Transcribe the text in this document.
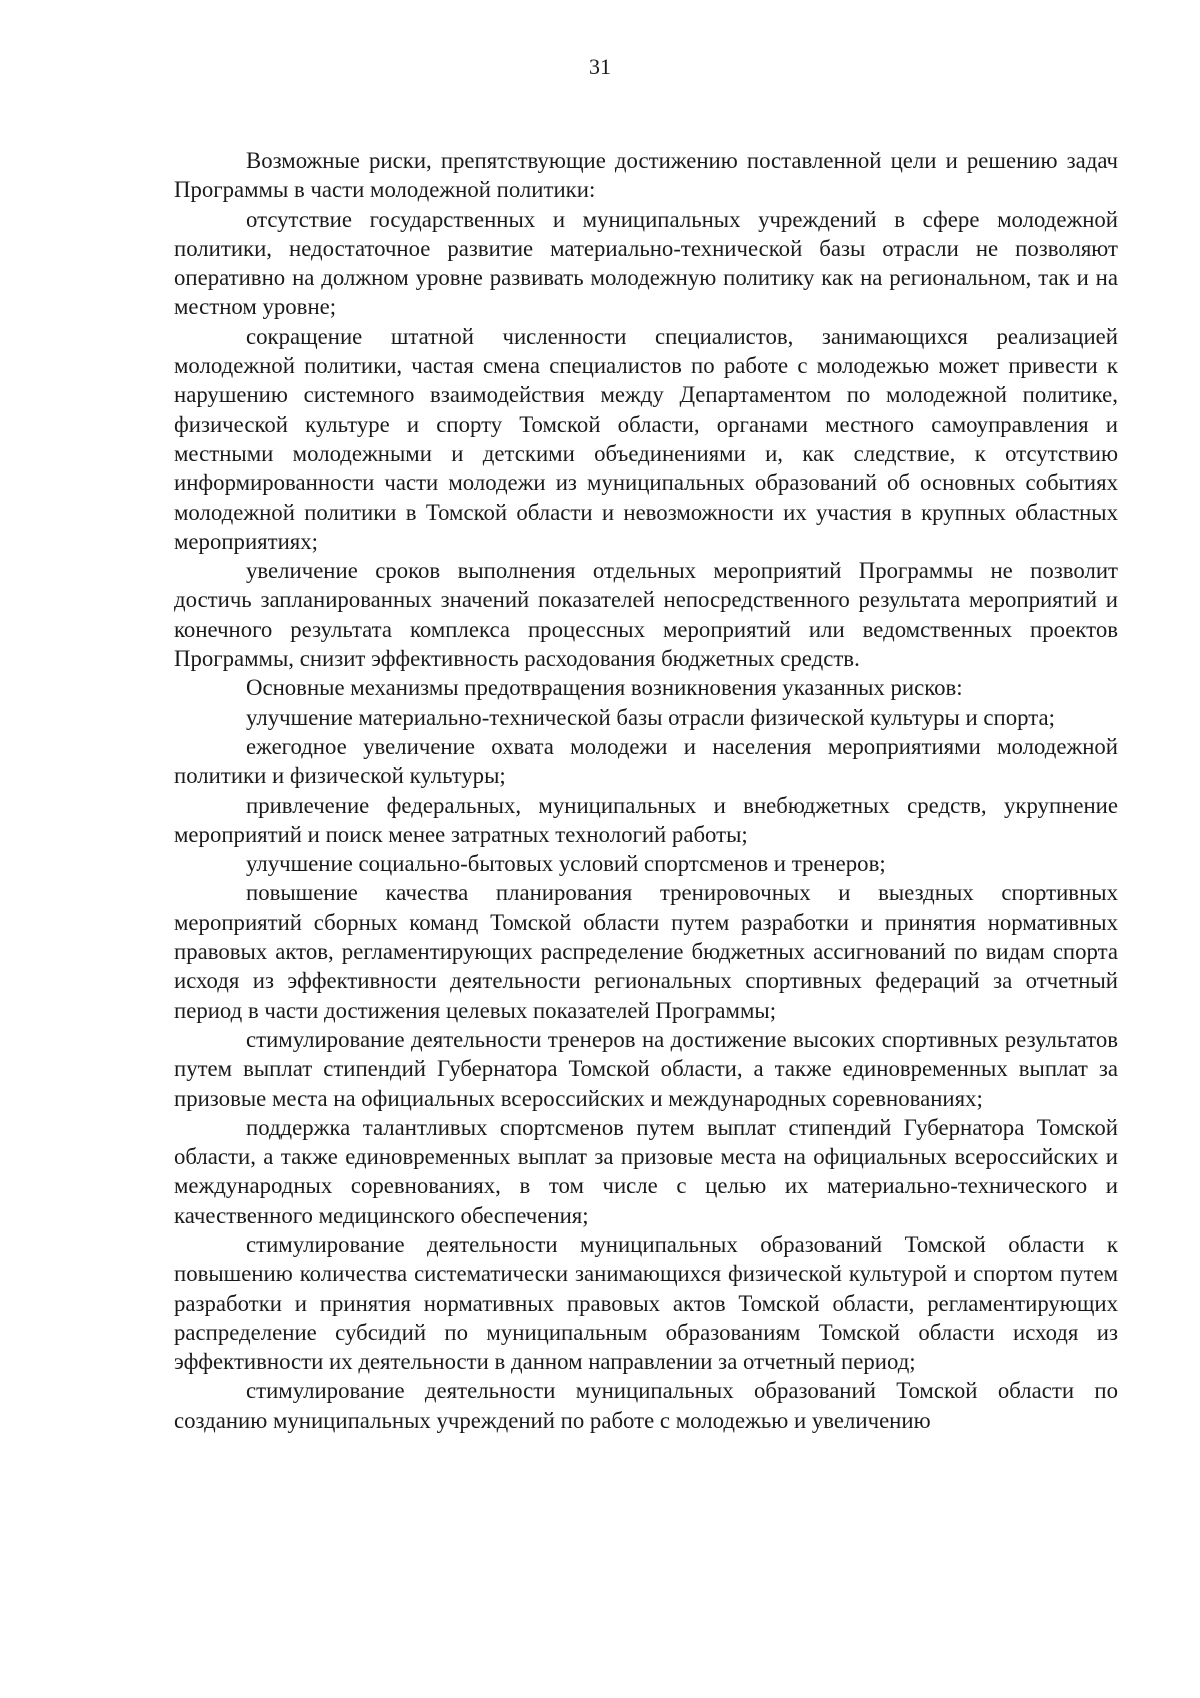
31

Возможные риски, препятствующие достижению поставленной цели и решению задач Программы в части молодежной политики:

отсутствие государственных и муниципальных учреждений в сфере молодежной политики, недостаточное развитие материально-технической базы отрасли не позволяют оперативно на должном уровне развивать молодежную политику как на региональном, так и на местном уровне;

сокращение штатной численности специалистов, занимающихся реализацией молодежной политики, частая смена специалистов по работе с молодежью может привести к нарушению системного взаимодействия между Департаментом по молодежной политике, физической культуре и спорту Томской области, органами местного самоуправления и местными молодежными и детскими объединениями и, как следствие, к отсутствию информированности части молодежи из муниципальных образований об основных событиях молодежной политики в Томской области и невозможности их участия в крупных областных мероприятиях;

увеличение сроков выполнения отдельных мероприятий Программы не позволит достичь запланированных значений показателей непосредственного результата мероприятий и конечного результата комплекса процессных мероприятий или ведомственных проектов Программы, снизит эффективность расходования бюджетных средств.

Основные механизмы предотвращения возникновения указанных рисков:

улучшение материально-технической базы отрасли физической культуры и спорта;

ежегодное увеличение охвата молодежи и населения мероприятиями молодежной политики и физической культуры;

привлечение федеральных, муниципальных и внебюджетных средств, укрупнение мероприятий и поиск менее затратных технологий работы;

улучшение социально-бытовых условий спортсменов и тренеров;

повышение качества планирования тренировочных и выездных спортивных мероприятий сборных команд Томской области путем разработки и принятия нормативных правовых актов, регламентирующих распределение бюджетных ассигнований по видам спорта исходя из эффективности деятельности региональных спортивных федераций за отчетный период в части достижения целевых показателей Программы;

стимулирование деятельности тренеров на достижение высоких спортивных результатов путем выплат стипендий Губернатора Томской области, а также единовременных выплат за призовые места на официальных всероссийских и международных соревнованиях;

поддержка талантливых спортсменов путем выплат стипендий Губернатора Томской области, а также единовременных выплат за призовые места на официальных всероссийских и международных соревнованиях, в том числе с целью их материально-технического и качественного медицинского обеспечения;

стимулирование деятельности муниципальных образований Томской области к повышению количества систематически занимающихся физической культурой и спортом путем разработки и принятия нормативных правовых актов Томской области, регламентирующих распределение субсидий по муниципальным образованиям Томской области исходя из эффективности их деятельности в данном направлении за отчетный период;

стимулирование деятельности муниципальных образований Томской области по созданию муниципальных учреждений по работе с молодежью и увеличению
